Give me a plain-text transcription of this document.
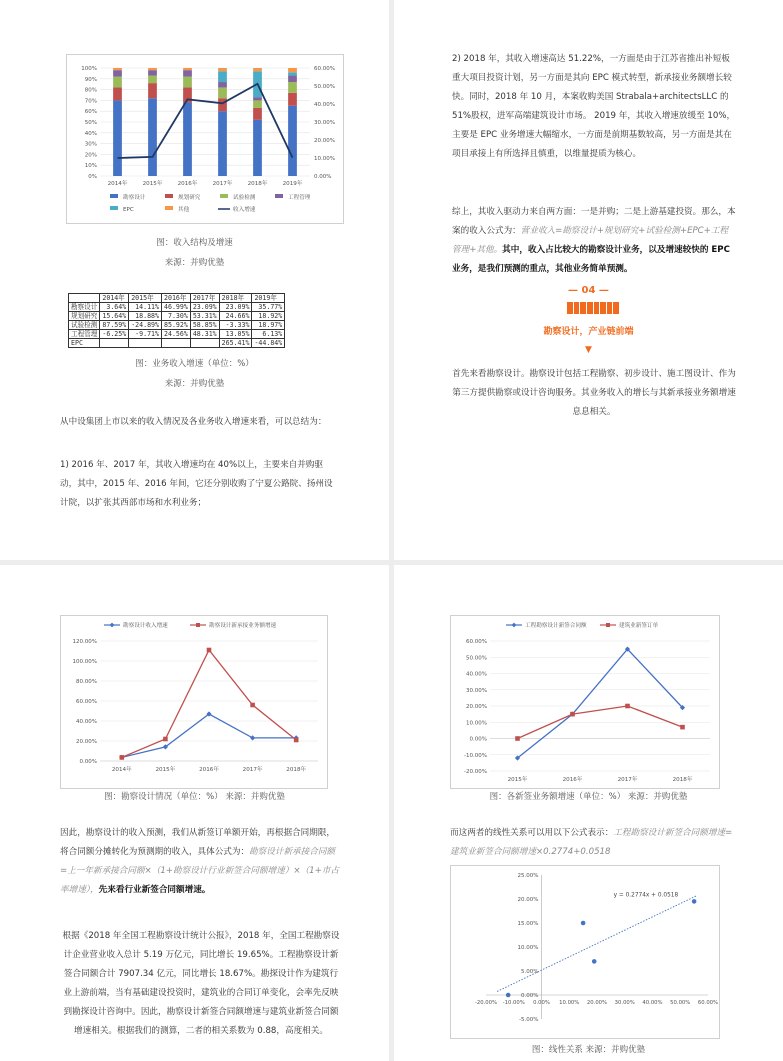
0%
10%
20%
30%
40%
50%
60%
70%
80%
90%
100%
0.00%
10.00%
20.00%
30.00%
40.00%
50.00%
60.00%
2014年	2015年	2016年	2017年	2018年	2019年
勘察设计	规划研究	试验检测	工程管理
EPC	其他	收入增速
图：收入结构及增速
来源：并购优塾
	2014年	2015年	2016年	2017年	2018年	2019年
勘察设计	3.64%	14.11%	46.99%	23.09%	23.09%	35.77%
规划研究	15.64%	18.88%	7.30%	53.31%	24.66%	18.92%
试验检测	87.59%	-24.89%	85.92%	58.85%	-3.33%	18.97%
工程管理	-6.25%	-9.71%	24.56%	48.31%	13.05%	6.13%
EPC					265.41%	-44.84%
图：业务收入增速（单位：%）
来源：并购优塾
从中设集团上市以来的收入情况及各业务收入增速来看，可以总结为：
1) 2016 年、2017 年，其收入增速均在 40%以上，主要来自并购驱动，其中，2015 年、2016 年间，它还分别收购了宁夏公路院、扬州设计院，以扩张其西部市场和水利业务；
2) 2018 年，其收入增速高达 51.22%，一方面是由于江苏省推出补短板重大项目投资计划，另一方面是其向 EPC 模式转型，新承接业务额增长较快。同时，2018 年 10 月，本案收购美国 Strabala+architectsLLC 的 51%股权，进军高端建筑设计市场。 2019 年，其收入增速放缓至 10%，主要是 EPC 业务增速大幅缩水，一方面是前期基数较高，另一方面是其在项目承接上有所选择且慎重，以维量提质为核心。
综上，其收入驱动力来自两方面：一是并购；二是上游基建投资。那么，本案的收入公式为：营业收入=勘察设计+规划研究+试验检测+EPC+工程管理+其他。其中，收入占比较大的勘察设计业务，以及增速较快的 EPC 业务，是我们预测的重点，其他业务简单预测。
— 04 —
勘察设计，产业链前端
▼
首先来看勘察设计。勘察设计包括工程勘察、初步设计、施工图设计、作为第三方提供勘察或设计咨询服务。其业务收入的增长与其新承接业务额增速息息相关。
0.00%
20.00%
40.00%
60.00%
80.00%
100.00%
120.00%
2014年	2015年	2016年	2017年	2018年
勘察设计收入增速	勘察设计新承接业务额增速
图：勘察设计情况（单位：%） 来源：并购优塾
因此，勘察设计的收入预测，我们从新签订单额开始，再根据合同期限，将合同额分摊转化为预测期的收入，具体公式为：勘察设计新承接合同额=上一年新承接合同额×（1+勘察设计行业新签合同额增速）×（1+市占率增速），先来看行业新签合同额增速。
根据《2018 年全国工程勘察设计统计公报》，2018 年，全国工程勘察设计企业营业收入总计 5.19 万亿元，同比增长 19.65%。工程勘察设计新签合同额合计 7907.34 亿元，同比增长 18.67%。勘探设计作为建筑行业上游前端，当有基础建设投资时，建筑业的合同订单变化，会率先反映到勘探设计咨询中。因此，勘察设计新签合同额增速与建筑业新签合同额增速相关。根据我们的测算，二者的相关系数为 0.88，高度相关。
-20.00%
-10.00%
0.00%
10.00%
20.00%
30.00%
40.00%
50.00%
60.00%
2015年	2016年	2017年	2018年
工程勘察设计新签合同额	建筑业新签订单
图：各新签业务额增速（单位：%） 来源：并购优塾
而这两者的线性关系可以用以下公式表示：工程勘察设计新签合同额增速=建筑业新签合同额增速×0.2774+0.0518
-5.00%
0.00%
5.00%
10.00%
15.00%
20.00%
25.00%
-20.00% -10.00% 0.00% 10.00% 20.00% 30.00% 40.00% 50.00% 60.00%
y = 0.2774x + 0.0518
图：线性关系 来源：并购优塾
